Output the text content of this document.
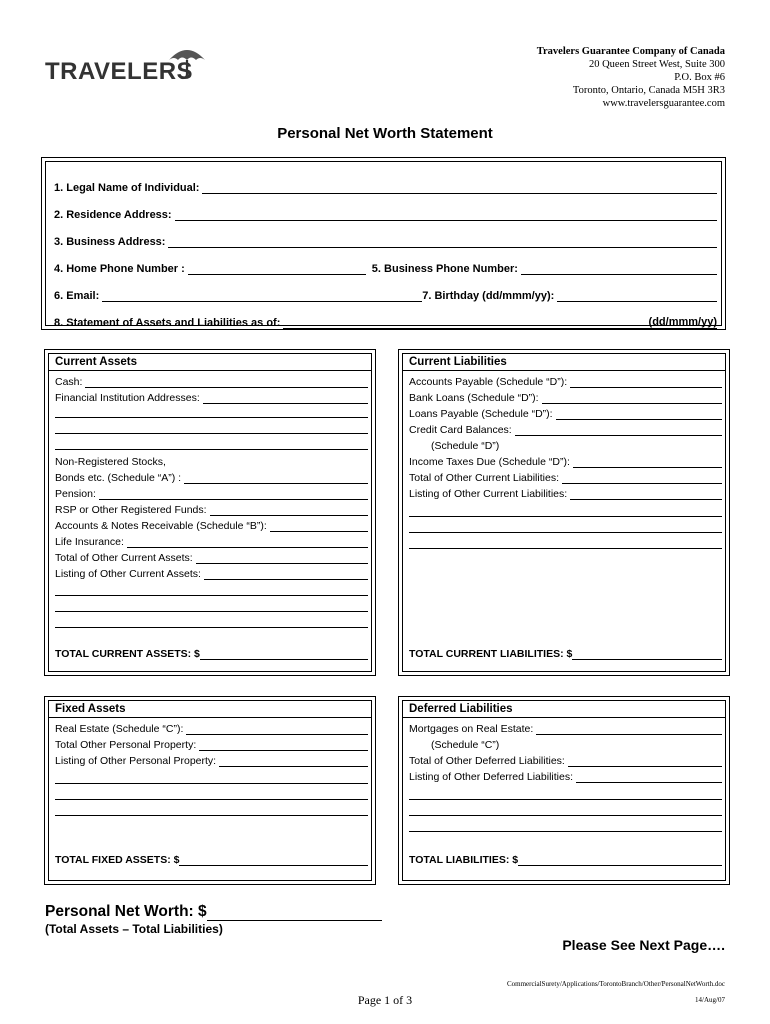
TRAVELERS
Travelers Guarantee Company of Canada
20 Queen Street West, Suite 300
P.O. Box #6
Toronto, Ontario, Canada M5H 3R3
www.travelersguarantee.com
Personal Net Worth Statement
1. Legal Name of Individual:
2. Residence Address:
3. Business Address:
4. Home Phone Number :	5. Business Phone Number:
6. Email:	7. Birthday (dd/mmm/yy):
8. Statement of Assets and Liabilities as of:	(dd/mmm/yy)
Current Assets
Cash:
Financial Institution Addresses:
Non-Registered Stocks,
Bonds etc. (Schedule “A”) :
Pension:
RSP or Other Registered Funds:
Accounts & Notes Receivable (Schedule “B”):
Life Insurance:
Total of Other Current Assets:
Listing of Other Current Assets:
TOTAL CURRENT ASSETS: $
Current Liabilities
Accounts Payable (Schedule “D”):
Bank Loans (Schedule “D”):
Loans Payable (Schedule “D”):
Credit Card Balances:
(Schedule “D”)
Income Taxes Due (Schedule “D”):
Total of Other Current Liabilities:
Listing of Other Current Liabilities:
TOTAL CURRENT LIABILITIES: $
Fixed Assets
Real Estate (Schedule “C”):
Total Other Personal Property:
Listing of Other Personal Property:
TOTAL FIXED ASSETS: $
Deferred Liabilities
Mortgages on Real Estate:
(Schedule “C”)
Total of Other Deferred Liabilities:
Listing of Other Deferred Liabilities:
TOTAL LIABILITIES: $
Personal Net Worth: $
(Total Assets – Total Liabilities)
Please See Next Page….
CommercialSurety/Applications/TorontoBranch/Other/PersonalNetWorth.doc
Page 1 of 3	14/Aug/07
